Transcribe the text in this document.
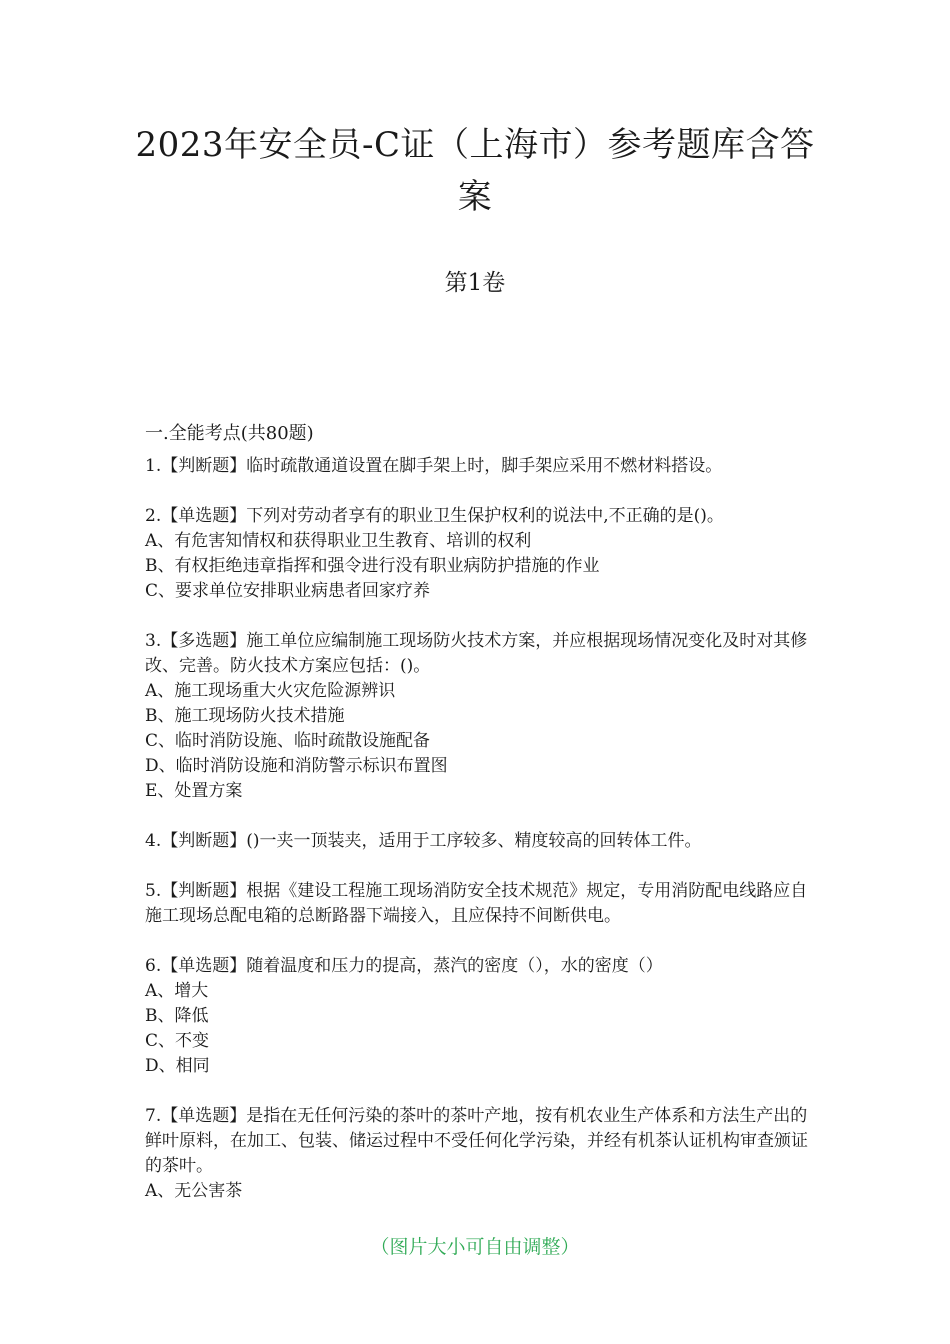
2023年安全员-C证（上海市）参考题库含答案
第1卷
一.全能考点(共80题)

1.【判断题】临时疏散通道设置在脚手架上时，脚手架应采用不燃材料搭设。

2.【单选题】下列对劳动者享有的职业卫生保护权利的说法中,不正确的是()。

A、有危害知情权和获得职业卫生教育、培训的权利

B、有权拒绝违章指挥和强令进行没有职业病防护措施的作业

C、要求单位安排职业病患者回家疗养

3.【多选题】施工单位应编制施工现场防火技术方案，并应根据现场情况变化及时对其修改、完善。防火技术方案应包括：()。

A、施工现场重大火灾危险源辨识

B、施工现场防火技术措施

C、临时消防设施、临时疏散设施配备

D、临时消防设施和消防警示标识布置图

E、处置方案

4.【判断题】()一夹一顶装夹，适用于工序较多、精度较高的回转体工件。

5.【判断题】根据《建设工程施工现场消防安全技术规范》规定，专用消防配电线路应自施工现场总配电箱的总断路器下端接入，且应保持不间断供电。

6.【单选题】随着温度和压力的提高，蒸汽的密度（），水的密度（）

A、增大

B、降低

C、不变

D、相同

7.【单选题】是指在无任何污染的茶叶的茶叶产地，按有机农业生产体系和方法生产出的鲜叶原料，在加工、包装、储运过程中不受任何化学污染，并经有机茶认证机构审查颁证的茶叶。

A、无公害茶

（图片大小可自由调整）
